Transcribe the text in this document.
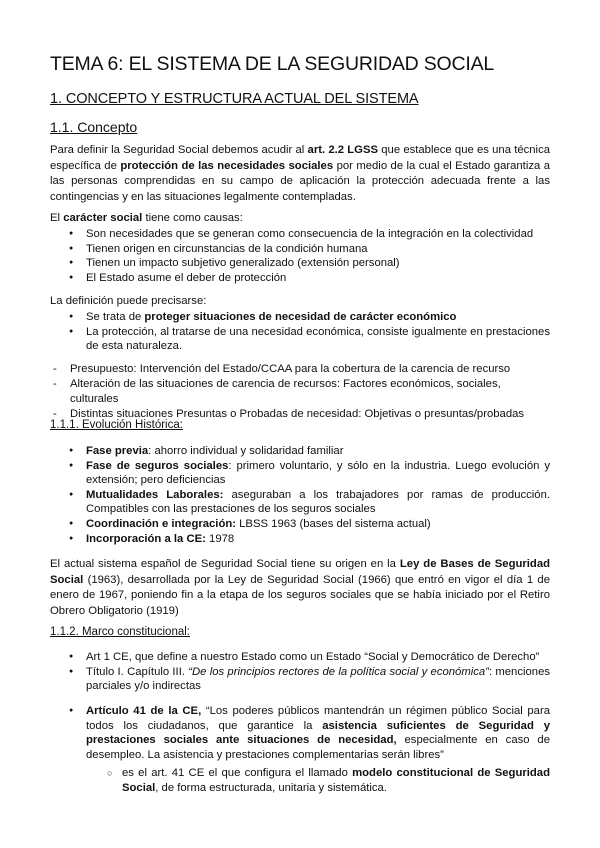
TEMA 6: EL SISTEMA DE LA SEGURIDAD SOCIAL
1. CONCEPTO Y ESTRUCTURA ACTUAL DEL SISTEMA
1.1. Concepto

Para definir la Seguridad Social debemos acudir al art. 2.2 LGSS que establece que es una técnica específica de protección de las necesidades sociales por medio de la cual el Estado garantiza a las personas comprendidas en su campo de aplicación la protección adecuada frente a las contingencias y en las situaciones legalmente contempladas.

El carácter social tiene como causas:
● Son necesidades que se generan como consecuencia de la integración en la colectividad
● Tienen origen en circunstancias de la condición humana
● Tienen un impacto subjetivo generalizado (extensión personal)
● El Estado asume el deber de protección
La definición puede precisarse:
● Se trata de proteger situaciones de necesidad de carácter económico
● La protección, al tratarse de una necesidad económica, consiste igualmente en prestaciones de esta naturaleza.
- Presupuesto: Intervención del Estado/CCAA para la cobertura de la carencia de recurso
- Alteración de las situaciones de carencia de recursos: Factores económicos, sociales, culturales
- Distintas situaciones Presuntas o Probadas de necesidad: Objetivas o presuntas/probadas
1.1.1. Evolución Histórica:
● Fase previa: ahorro individual y solidaridad familiar
● Fase de seguros sociales: primero voluntario, y sólo en la industria. Luego evolución y extensión; pero deficiencias
● Mutualidades Laborales: aseguraban a los trabajadores por ramas de producción. Compatibles con las prestaciones de los seguros sociales
● Coordinación e integración: LBSS 1963 (bases del sistema actual)
● Incorporación a la CE: 1978

El actual sistema español de Seguridad Social tiene su origen en la Ley de Bases de Seguridad Social (1963), desarrollada por la Ley de Seguridad Social (1966) que entró en vigor el día 1 de enero de 1967, poniendo fin a la etapa de los seguros sociales que se había iniciado por el Retiro Obrero Obligatorio (1919)

1.1.2. Marco constitucional:
● Art 1 CE, que define a nuestro Estado como un Estado “Social y Democrático de Derecho”
● Título I. Capítulo III. “De los principios rectores de la política social y económica”: menciones parciales y/o indirectas
● Artículo 41 de la CE, “Los poderes públicos mantendrán un régimen público Social para todos los ciudadanos, que garantice la asistencia suficientes de Seguridad y prestaciones sociales ante situaciones de necesidad, especialmente en caso de desempleo. La asistencia y prestaciones complementarias serán libres”
○ es el art. 41 CE el que configura el llamado modelo constitucional de Seguridad Social, de forma estructurada, unitaria y sistemática.
